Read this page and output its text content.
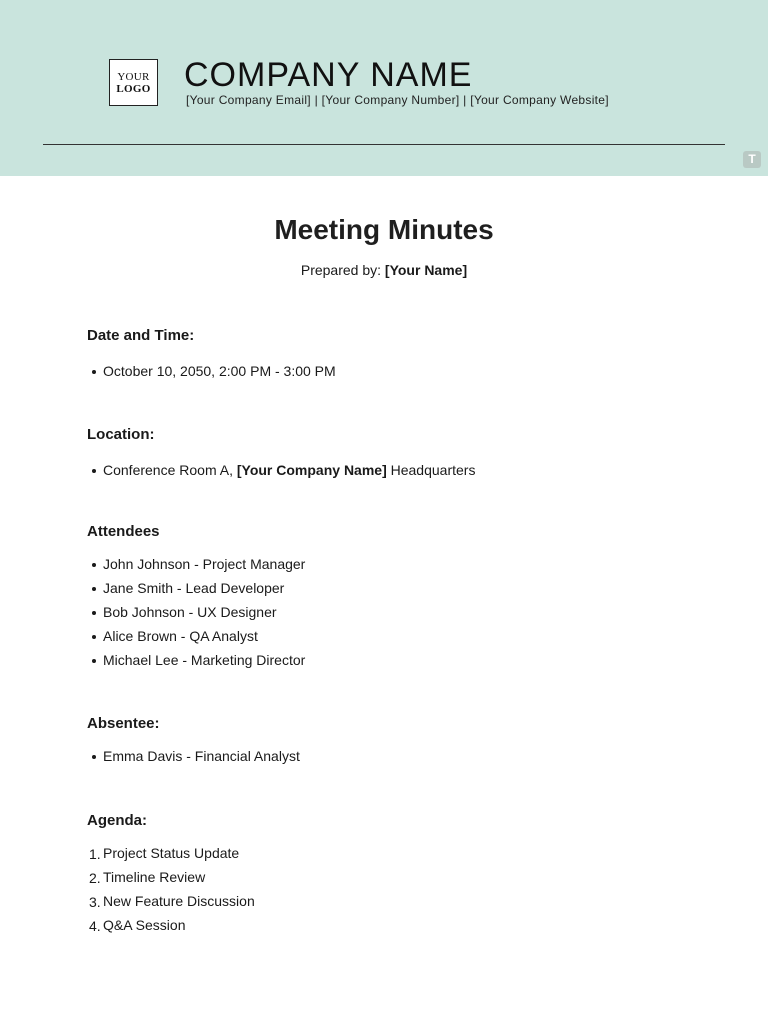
YOUR
LOGO COMPANY NAME
[Your Company Email] | [Your Company Number] | [Your Company Website]
T
Meeting Minutes
Prepared by: [Your Name]
Date and Time:
October 10, 2050, 2:00 PM - 3:00 PM
Location:
Conference Room A, [Your Company Name] Headquarters
Attendees
John Johnson - Project Manager
Jane Smith - Lead Developer
Bob Johnson - UX Designer
Alice Brown - QA Analyst
Michael Lee - Marketing Director
Absentee:
Emma Davis - Financial Analyst
Agenda:
1. Project Status Update
2. Timeline Review
3. New Feature Discussion
4. Q&A Session
